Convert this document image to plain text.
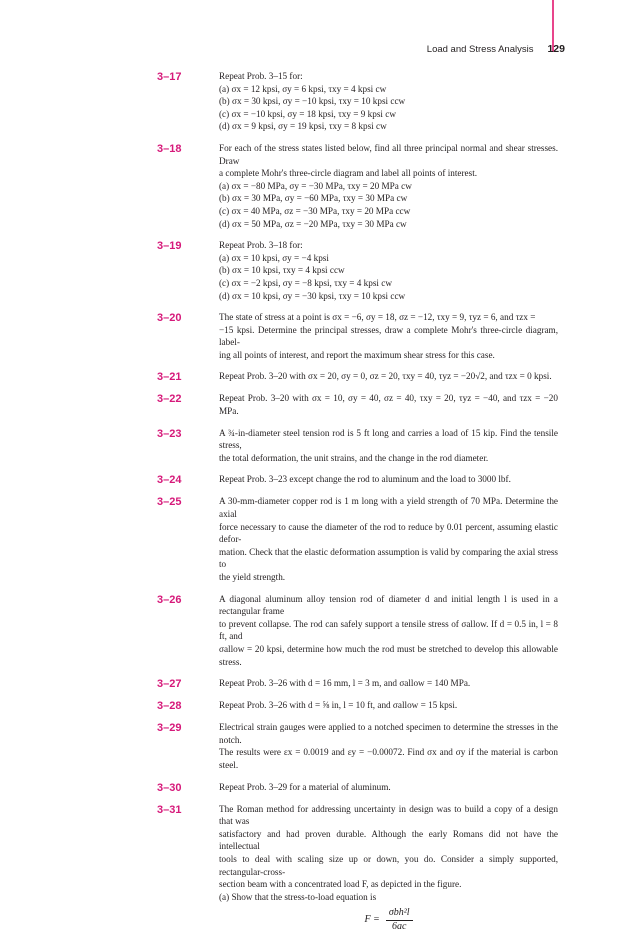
Load and Stress Analysis 129
3–17	Repeat Prob. 3–15 for:
(a) σx = 12 kpsi, σy = 6 kpsi, τxy = 4 kpsi cw
(b) σx = 30 kpsi, σy = −10 kpsi, τxy = 10 kpsi ccw
(c) σx = −10 kpsi, σy = 18 kpsi, τxy = 9 kpsi cw
(d) σx = 9 kpsi, σy = 19 kpsi, τxy = 8 kpsi cw
3–18	For each of the stress states listed below, find all three principal normal and shear stresses. Draw
a complete Mohr's three-circle diagram and label all points of interest.
(a) σx = −80 MPa, σy = −30 MPa, τxy = 20 MPa cw
(b) σx = 30 MPa, σy = −60 MPa, τxy = 30 MPa cw
(c) σx = 40 MPa, σz = −30 MPa, τxy = 20 MPa ccw
(d) σx = 50 MPa, σz = −20 MPa, τxy = 30 MPa cw
3–19	Repeat Prob. 3–18 for:
(a) σx = 10 kpsi, σy = −4 kpsi
(b) σx = 10 kpsi, τxy = 4 kpsi ccw
(c) σx = −2 kpsi, σy = −8 kpsi, τxy = 4 kpsi cw
(d) σx = 10 kpsi, σy = −30 kpsi, τxy = 10 kpsi ccw
3–20	The state of stress at a point is σx = −6, σy = 18, σz = −12, τxy = 9, τyz = 6, and τzx =
−15 kpsi. Determine the principal stresses, draw a complete Mohr's three-circle diagram, label-
ing all points of interest, and report the maximum shear stress for this case.
3–21	Repeat Prob. 3–20 with σx = 20, σy = 0, σz = 20, τxy = 40, τyz = −20√2, and τzx = 0 kpsi.
3–22	Repeat Prob. 3–20 with σx = 10, σy = 40, σz = 40, τxy = 20, τyz = −40, and τzx = −20 MPa.
3–23	A ¾-in-diameter steel tension rod is 5 ft long and carries a load of 15 kip. Find the tensile stress,
the total deformation, the unit strains, and the change in the rod diameter.
3–24	Repeat Prob. 3–23 except change the rod to aluminum and the load to 3000 lbf.
3–25	A 30-mm-diameter copper rod is 1 m long with a yield strength of 70 MPa. Determine the axial
force necessary to cause the diameter of the rod to reduce by 0.01 percent, assuming elastic defor-
mation. Check that the elastic deformation assumption is valid by comparing the axial stress to
the yield strength.
3–26	A diagonal aluminum alloy tension rod of diameter d and initial length l is used in a rectangular frame
to prevent collapse. The rod can safely support a tensile stress of σallow. If d = 0.5 in, l = 8 ft, and
σallow = 20 kpsi, determine how much the rod must be stretched to develop this allowable stress.
3–27	Repeat Prob. 3–26 with d = 16 mm, l = 3 m, and σallow = 140 MPa.
3–28	Repeat Prob. 3–26 with d = ⅝ in, l = 10 ft, and σallow = 15 kpsi.
3–29	Electrical strain gauges were applied to a notched specimen to determine the stresses in the notch.
The results were εx = 0.0019 and εy = −0.00072. Find σx and σy if the material is carbon steel.
3–30	Repeat Prob. 3–29 for a material of aluminum.
3–31	The Roman method for addressing uncertainty in design was to build a copy of a design that was
satisfactory and had proven durable. Although the early Romans did not have the intellectual
tools to deal with scaling size up or down, you do. Consider a simply supported, rectangular-cross-
section beam with a concentrated load F, as depicted in the figure.
(a) Show that the stress-to-load equation is
$F = \frac{\text{σbh²l}}{6ac}$
